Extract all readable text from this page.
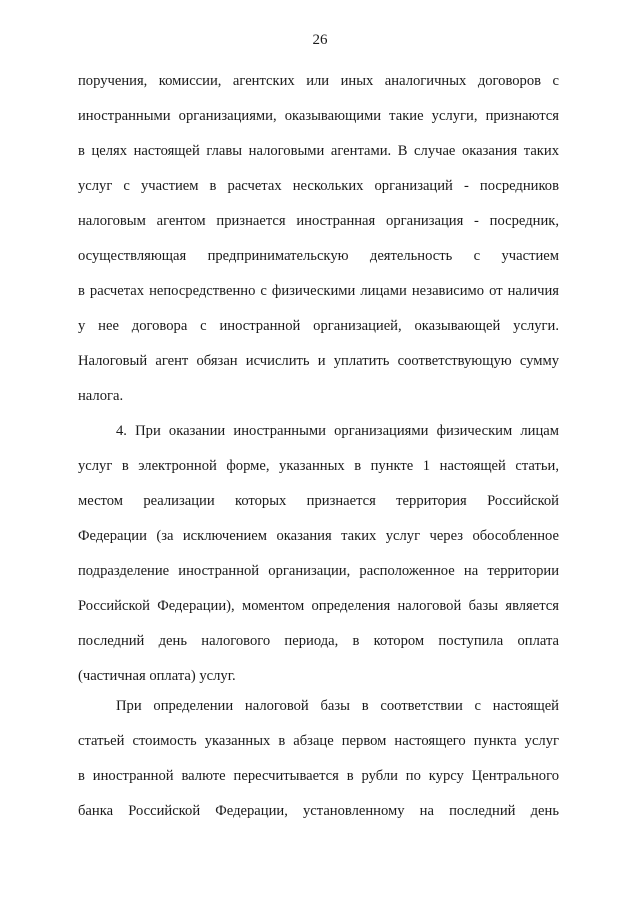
26
поручения, комиссии, агентских или иных аналогичных договоров с
иностранными организациями, оказывающими такие услуги, признаются
в целях настоящей главы налоговыми агентами. В случае оказания таких
услуг с участием в расчетах нескольких организаций - посредников
налоговым агентом признается иностранная организация - посредник,
осуществляющая предпринимательскую деятельность с участием
в расчетах непосредственно с физическими лицами независимо от наличия
у нее договора с иностранной организацией, оказывающей услуги.
Налоговый агент обязан исчислить и уплатить соответствующую сумму
налога.
4. При оказании иностранными организациями физическим лицам
услуг в электронной форме, указанных в пункте 1 настоящей статьи,
местом реализации которых признается территория Российской
Федерации (за исключением оказания таких услуг через обособленное
подразделение иностранной организации, расположенное на территории
Российской Федерации), моментом определения налоговой базы является
последний день налогового периода, в котором поступила оплата
(частичная оплата) услуг.
При определении налоговой базы в соответствии с настоящей
статьей стоимость указанных в абзаце первом настоящего пункта услуг
в иностранной валюте пересчитывается в рубли по курсу Центрального
банка Российской Федерации, установленному на последний день
